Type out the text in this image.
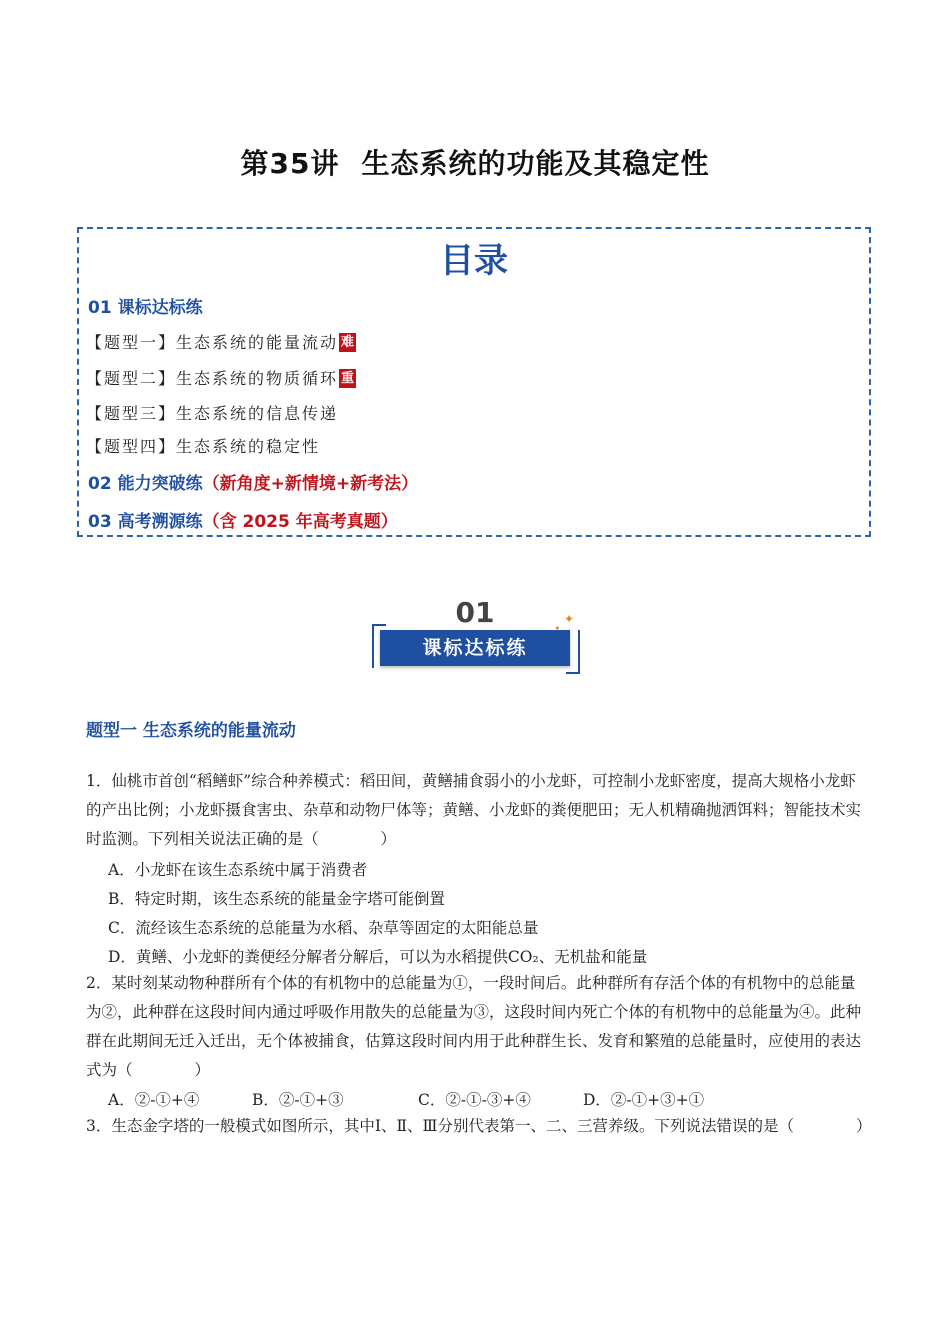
第35讲 生态系统的功能及其稳定性
目录
01 课标达标练
【题型一】生态系统的能量流动 难
【题型二】生态系统的物质循环 重
【题型三】生态系统的信息传递
【题型四】生态系统的稳定性
02 能力突破练（新角度+新情境+新考法）
03 高考溯源练（含 2025 年高考真题）
01
课标达标练
✦
✦
题型一 生态系统的能量流动
1．仙桃市首创“稻鳝虾”综合种养模式：稻田间，黄鳝捕食弱小的小龙虾，可控制小龙虾密度，提高大规格小龙虾的产出比例；小龙虾摄食害虫、杂草和动物尸体等；黄鳝、小龙虾的粪便肥田；无人机精确抛洒饵料；智能技术实时监测。下列相关说法正确的是（　　　　）
A．小龙虾在该生态系统中属于消费者
B．特定时期，该生态系统的能量金字塔可能倒置
C．流经该生态系统的总能量为水稻、杂草等固定的太阳能总量
D．黄鳝、小龙虾的粪便经分解者分解后，可以为水稻提供CO₂、无机盐和能量
2．某时刻某动物种群所有个体的有机物中的总能量为①，一段时间后。此种群所有存活个体的有机物中的总能量为②，此种群在这段时间内通过呼吸作用散失的总能量为③，这段时间内死亡个体的有机物中的总能量为④。此种群在此期间无迁入迁出，无个体被捕食，估算这段时间内用于此种群生长、发育和繁殖的总能量时，应使用的表达式为（　　　　）
A．②-①+④	B．②-①+③	C．②-①-③+④	D．②-①+③+①
3．生态金字塔的一般模式如图所示，其中Ⅰ、Ⅱ、Ⅲ分别代表第一、二、三营养级。下列说法错误的是（　　　　）
